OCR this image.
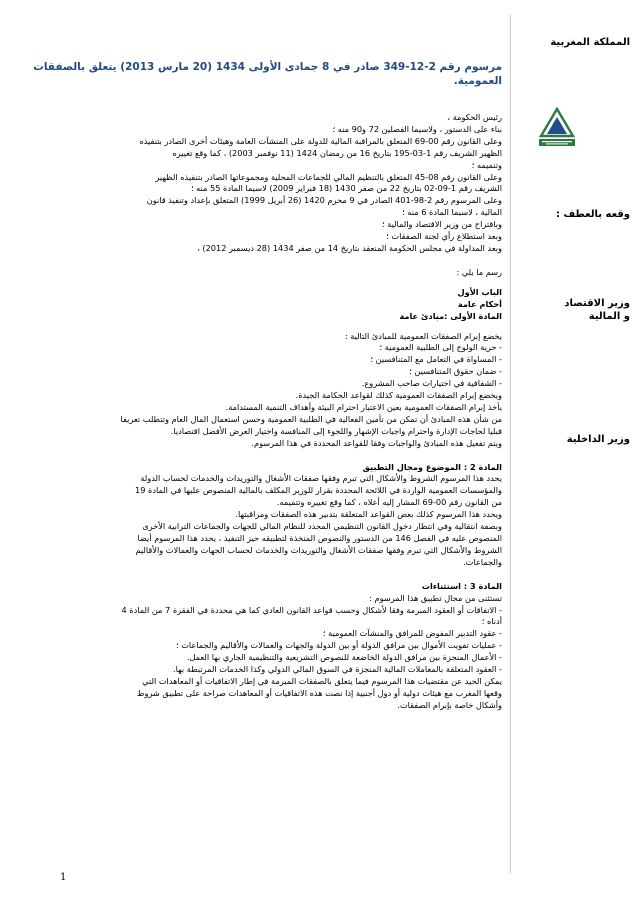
المملكة المغربية
وقعه بالعطف :
وزير الاقتصاد
و المالية
وزير الداخلية
مرسوم رقم 2-12-349 صادر في 8 جمادى الأولى 1434 (20 مارس 2013) يتعلق بالصفقات العمومية.
رئيس الحكومة ،
بناء على الدستور ، ولاسيما الفصلين 72 و90 منه ؛
وعلى القانون رقم 00-69 المتعلق بالمراقبة المالية للدولة على المنشآت العامة وهيئات أخرى الصادر بتنفيذه
الظهير الشريف رقم 1-03-195 بتاريخ 16 من رمضان 1424 (11 نوفمبر 2003) ، كما وقع تغييره
وتتميمه ؛
وعلى القانون رقم 08-45 المتعلق بالتنظيم المالي للجماعات المحلية ومجموعاتها الصادر بتنفيذه الظهير
الشريف رقم 1-09-02 بتاريخ 22 من صفر 1430 (18 فبراير 2009) لاسيما المادة 55 منه ؛
وعلى المرسوم رقم 2-98-401 الصادر في 9 محرم 1420 (26 أبريل 1999) المتعلق بإعداد وتنفيذ قانون
المالية ، لاسيما المادة 6 منه ؛
وباقتراح من وزير الاقتصاد والمالية ؛
وبعد استطلاع رأي لجنة الصفقات ؛
وبعد المداولة في مجلس الحكومة المنعقد بتاريخ 14 من صفر 1434 (28 ديسمبر 2012) ،
رسم ما يلي :
الباب الأول
أحكام عامة
المادة الأولى :مبادئ عامة
يخضع إبرام الصفقات العمومية للمبادئ التالية :
- حرية الولوج إلى الطلبية العمومية ؛
- المساواة في التعامل مع المتنافسين ؛
- ضمان حقوق المتنافسين ؛
- الشفافية في اختيارات صاحب المشروع.
ويخضع إبرام الصفقات العمومية كذلك لقواعد الحكامة الجيدة.
يأخذ إبرام الصفقات العمومية بعين الاعتبار احترام البيئة وأهداف التنمية المستدامة.
من شأن هذه المبادئ أن تمكن من تأمين الفعالية في الطلبية العمومية وحسن استعمال المال العام وتتطلب تعريفا
قبليا لحاجات الإدارة واحترام واجبات الإشهار واللجوء إلى المنافسة واختيار العرض الأفضل اقتصاديا.
ويتم تفعيل هذه المبادئ والواجبات وفقا للقواعد المحددة في هذا المرسوم.
المادة 2 : الموضوع ومجال التطبيق
يحدد هذا المرسوم الشروط والأشكال التي تبرم وفقها صفقات الأشغال والتوريدات والخدمات لحساب الدولة
والمؤسسات العمومية الواردة في اللائحة المحددة بقرار للوزير المكلف بالمالية المنصوص عليها في المادة 19
من القانون رقم 00-69 المشار إليه أعلاه ، كما وقع تغييره وتتميمه.
ويحدد هذا المرسوم كذلك بعض القواعد المتعلقة بتدبير هذه الصفقات ومراقبتها.
وبصفة انتقالية وفي انتظار دخول القانون التنظيمي المحدد للنظام المالي للجهات والجماعات الترابية الأخرى
المنصوص عليه في الفصل 146 من الدستور والنصوص المتخذة لتطبيقه حيز التنفيذ ، يحدد هذا المرسوم أيضا
الشروط والأشكال التي تبرم وفقها صفقات الأشغال والتوريدات والخدمات لحساب الجهات والعمالات والأقاليم
والجماعات.
المادة 3 : استثناءات
تستثنى من مجال تطبيق هذا المرسوم :
- الاتفاقات أو العقود المبرمة وفقا لأشكال وحسب قواعد القانون العادي كما هي محددة في الفقرة 7 من المادة 4
أدناه ؛
- عقود التدبير المفوض للمرافق والمنشآت العمومية ؛
- عمليات تفويت الأموال بين مرافق الدولة أو بين الدولة والجهات والعمالات والأقاليم والجماعات ؛
- الأعمال المنجزة بين مرافق الدولة الخاضعة للنصوص التشريعية والتنظيمية الجاري بها العمل.
- العقود المتعلقة بالمعاملات المالية المنجزة في السوق المالي الدولي وكذا الخدمات المرتبطة بها.
يمكن الحيد عن مقتضيات هذا المرسوم فيما يتعلق بالصفقات المبرمة في إطار الاتفاقيات أو المعاهدات التي
وقعها المغرب مع هيئات دولية أو دول أجنبية إذا نصت هذه الاتفاقيات أو المعاهدات صراحة على تطبيق شروط
وأشكال خاصة بإبرام الصفقات.
1
